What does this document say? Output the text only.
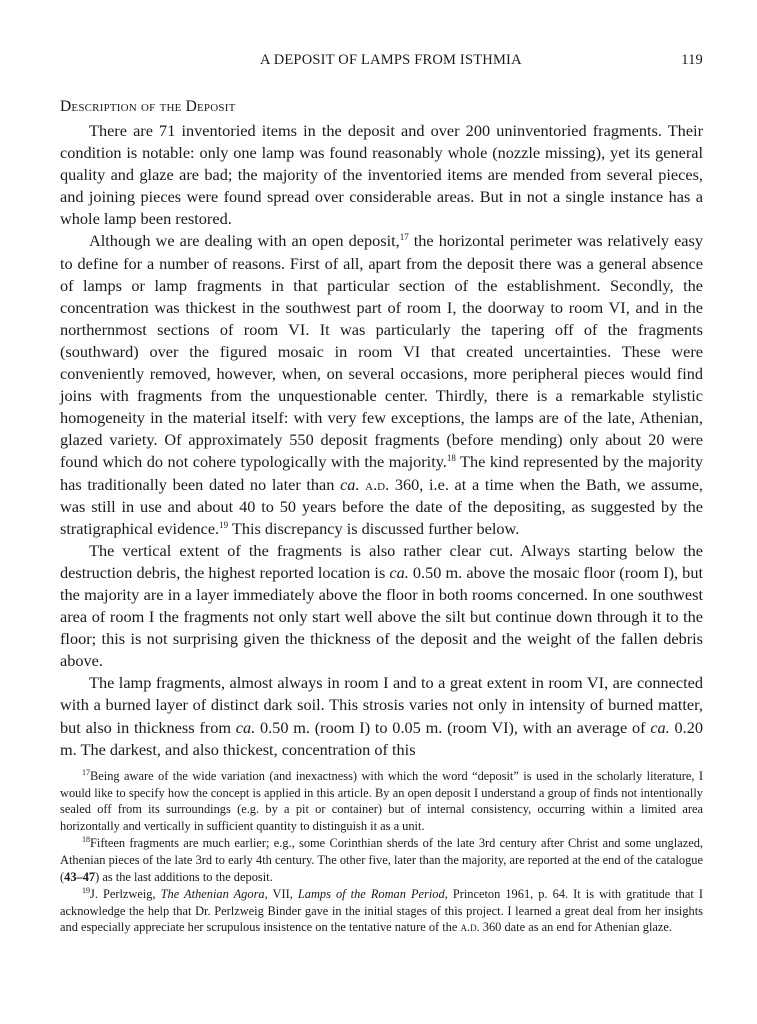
A DEPOSIT OF LAMPS FROM ISTHMIA	119
Description of the Deposit

There are 71 inventoried items in the deposit and over 200 uninventoried fragments. Their condition is notable: only one lamp was found reasonably whole (nozzle missing), yet its general quality and glaze are bad; the majority of the inventoried items are mended from several pieces, and joining pieces were found spread over considerable areas. But in not a single instance has a whole lamp been restored.

Although we are dealing with an open deposit,$^{17}$ the horizontal perimeter was relatively easy to define for a number of reasons. First of all, apart from the deposit there was a general absence of lamps or lamp fragments in that particular section of the establishment. Secondly, the concentration was thickest in the southwest part of room I, the doorway to room VI, and in the northernmost sections of room VI. It was particularly the tapering off of the fragments (southward) over the figured mosaic in room VI that created uncertainties. These were conveniently removed, however, when, on several occasions, more peripheral pieces would find joins with fragments from the unquestionable center. Thirdly, there is a remarkable stylistic homogeneity in the material itself: with very few exceptions, the lamps are of the late, Athenian, glazed variety. Of approximately 550 deposit fragments (before mending) only about 20 were found which do not cohere typologically with the majority.$^{18}$ The kind represented by the majority has traditionally been dated no later than ca. a.d. 360, i.e. at a time when the Bath, we assume, was still in use and about 40 to 50 years before the date of the depositing, as suggested by the stratigraphical evidence.$^{19}$ This discrepancy is discussed further below.

The vertical extent of the fragments is also rather clear cut. Always starting below the destruction debris, the highest reported location is ca. 0.50 m. above the mosaic floor (room I), but the majority are in a layer immediately above the floor in both rooms concerned. In one southwest area of room I the fragments not only start well above the silt but continue down through it to the floor; this is not surprising given the thickness of the deposit and the weight of the fallen debris above.

The lamp fragments, almost always in room I and to a great extent in room VI, are connected with a burned layer of distinct dark soil. This strosis varies not only in intensity of burned matter, but also in thickness from ca. 0.50 m. (room I) to 0.05 m. (room VI), with an average of ca. 0.20 m. The darkest, and also thickest, concentration of this

$^{17}$Being aware of the wide variation (and inexactness) with which the word “deposit” is used in the scholarly literature, I would like to specify how the concept is applied in this article. By an open deposit I understand a group of finds not intentionally sealed off from its surroundings (e.g. by a pit or container) but of internal consistency, occurring within a limited area horizontally and vertically in sufficient quantity to distinguish it as a unit.

$^{18}$Fifteen fragments are much earlier; e.g., some Corinthian sherds of the late 3rd century after Christ and some unglazed, Athenian pieces of the late 3rd to early 4th century. The other five, later than the majority, are reported at the end of the catalogue (43–47) as the last additions to the deposit.

$^{19}$J. Perlzweig, The Athenian Agora, VII, Lamps of the Roman Period, Princeton 1961, p. 64. It is with gratitude that I acknowledge the help that Dr. Perlzweig Binder gave in the initial stages of this project. I learned a great deal from her insights and especially appreciate her scrupulous insistence on the tentative nature of the a.d. 360 date as an end for Athenian glaze.
